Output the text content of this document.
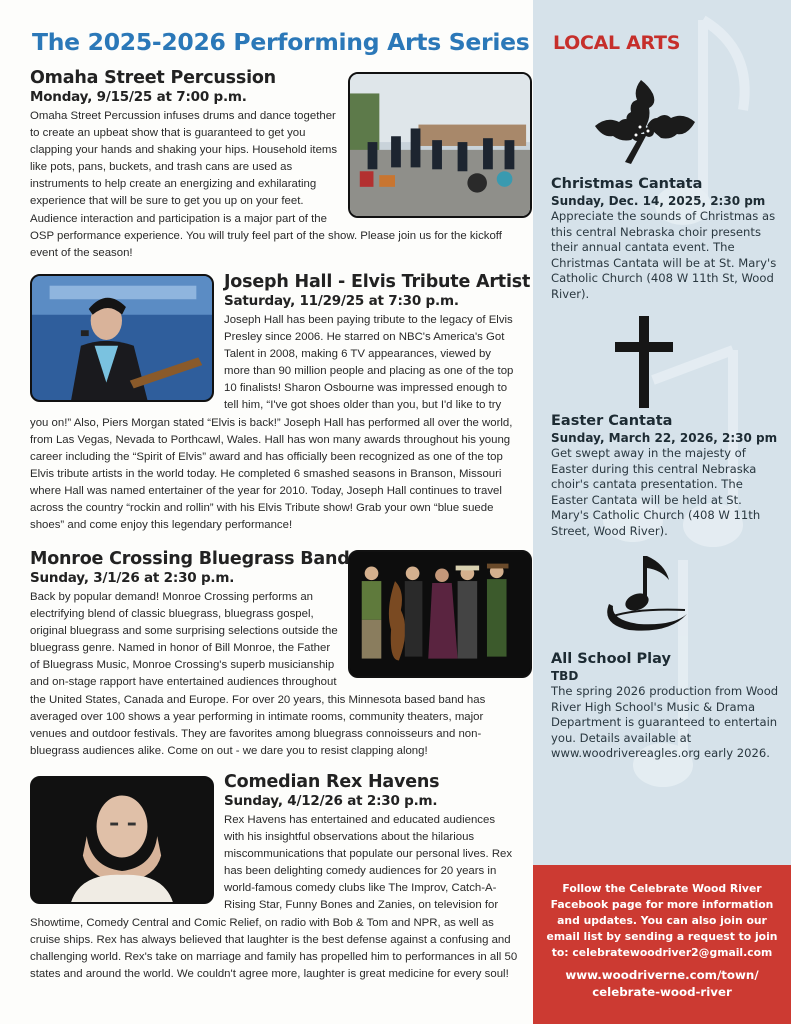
The 2025-2026 Performing Arts Series
Omaha Street Percussion
Monday, 9/15/25 at 7:00 p.m.
Omaha Street Percussion infuses drums and dance together to create an upbeat show that is guaranteed to get you clapping your hands and shaking your hips. Household items like pots, pans, buckets, and trash cans are used as instruments to help create an energizing and exhilarating experience that will be sure to get you up on your feet. Audience interaction and participation is a major part of the OSP performance experience. You will truly feel part of the show. Please join us for the kickoff event of the season!
Joseph Hall - Elvis Tribute Artist
Saturday, 11/29/25 at 7:30 p.m.
Joseph Hall has been paying tribute to the legacy of Elvis Presley since 2006. He starred on NBC's America's Got Talent in 2008, making 6 TV appearances, viewed by more than 90 million people and placing as one of the top 10 finalists! Sharon Osbourne was impressed enough to tell him, “I've got shoes older than you, but I'd like to try you on!” Also, Piers Morgan stated “Elvis is back!” Joseph Hall has performed all over the world, from Las Vegas, Nevada to Porthcawl, Wales. Hall has won many awards throughout his young career including the “Spirit of Elvis” award and has officially been recognized as one of the top Elvis tribute artists in the world today. He completed 6 smashed seasons in Branson, Missouri where Hall was named entertainer of the year for 2010. Today, Joseph Hall continues to travel across the country “rockin and rollin” with his Elvis Tribute show! Grab your own “blue suede shoes” and come enjoy this legendary performance!
Monroe Crossing Bluegrass Band
Sunday, 3/1/26 at 2:30 p.m.
Back by popular demand! Monroe Crossing performs an electrifying blend of classic bluegrass, bluegrass gospel, original bluegrass and some surprising selections outside the bluegrass genre. Named in honor of Bill Monroe, the Father of Bluegrass Music, Monroe Crossing's superb musicianship and on-stage rapport have entertained audiences throughout the United States, Canada and Europe. For over 20 years, this Minnesota based band has averaged over 100 shows a year performing in intimate rooms, community theaters, major venues and outdoor festivals. They are favorites among bluegrass connoisseurs and non-bluegrass audiences alike. Come on out - we dare you to resist clapping along!
Comedian Rex Havens
Sunday, 4/12/26 at 2:30 p.m.
Rex Havens has entertained and educated audiences with his insightful observations about the hilarious miscommunications that populate our personal lives. Rex has been delighting comedy audiences for 20 years in world-famous comedy clubs like The Improv, Catch-A-Rising Star, Funny Bones and Zanies, on television for Showtime, Comedy Central and Comic Relief, on radio with Bob & Tom and NPR, as well as cruise ships. Rex has always believed that laughter is the best defense against a confusing and challenging world. Rex's take on marriage and family has propelled him to performances in all 50 states and around the world. We couldn't agree more, laughter is great medicine for every soul!
LOCAL ARTS
Christmas Cantata
Sunday, Dec. 14, 2025, 2:30 pm
Appreciate the sounds of Christmas as this central Nebraska choir presents their annual cantata event. The Christmas Cantata will be at St. Mary's Catholic Church (408 W 11th St, Wood River).
Easter Cantata
Sunday, March 22, 2026, 2:30 pm
Get swept away in the majesty of Easter during this central Nebraska choir's cantata presentation. The Easter Cantata will be held at St. Mary's Catholic Church (408 W 11th Street, Wood River).
All School Play
TBD
The spring 2026 production from Wood River High School's Music & Drama Department is guaranteed to entertain you. Details available at www.woodrivereagles.org early 2026.
Follow the Celebrate Wood River Facebook page for more information and updates. You can also join our email list by sending a request to join to: celebratewoodriver2@gmail.com
www.woodriverne.com/town/ celebrate-wood-river
